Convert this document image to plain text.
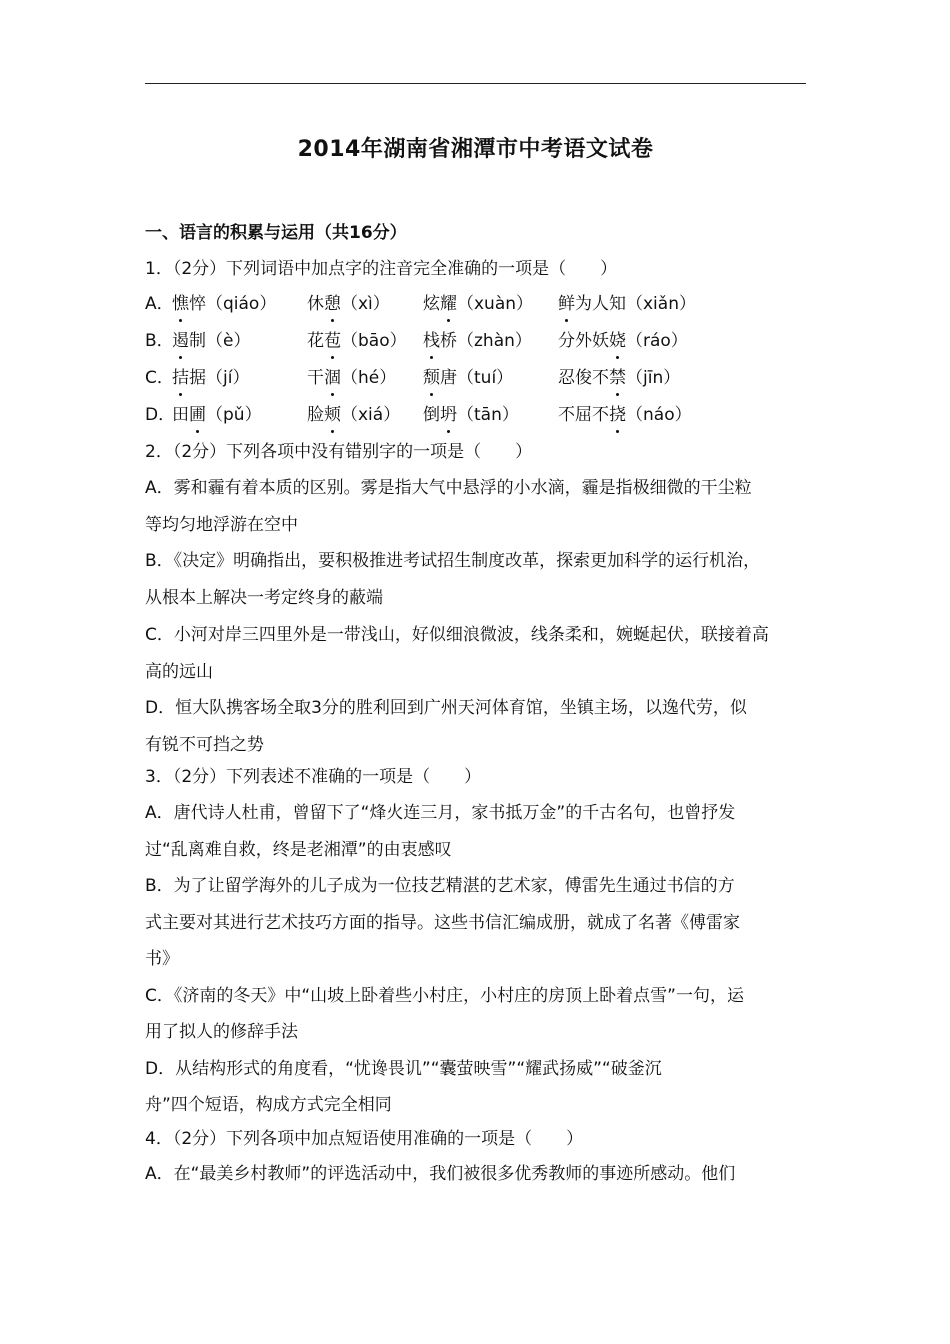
2014年湖南省湘潭市中考语文试卷
一、语言的积累与运用（共16分）
1．（2分）下列词语中加点字的注音完全准确的一项是（　　）
A．
憔悴（qiáo） 休憩（xì） 炫耀（xuàn） 鲜为人知（xiǎn）
B．
遏制（è）	花苞（bāo） 栈桥（zhàn） 分外妖娆（ráo）
C．
拮据（jí）	干涸（hé） 颓唐（tuí）	忍俊不禁（jīn）
D．
田圃（pǔ）	脸颊（xiá） 倒坍（tān） 不屈不挠（náo）
2．（2分）下列各项中没有错别字的一项是（　　）
A．雾和霾有着本质的区别。雾是指大气中悬浮的小水滴，霾是指极细微的干尘粒
等均匀地浮游在空中
B．《决定》明确指出，要积极推进考试招生制度改革，探索更加科学的运行机治，
从根本上解决一考定终身的蔽端
C．小河对岸三四里外是一带浅山，好似细浪微波，线条柔和，婉蜒起伏，联接着高
高的远山
D．恒大队携客场全取3分的胜利回到广州天河体育馆，坐镇主场，以逸代劳，似
有锐不可挡之势
3．（2分）下列表述不准确的一项是（　　）
A．唐代诗人杜甫，曾留下了“烽火连三月，家书抵万金”的千古名句，也曾抒发
过“乱离难自救，终是老湘潭”的由衷感叹
B．为了让留学海外的儿子成为一位技艺精湛的艺术家，傅雷先生通过书信的方
式主要对其进行艺术技巧方面的指导。这些书信汇编成册，就成了名著《傅雷家
书》
C．《济南的冬天》中“山坡上卧着些小村庄，小村庄的房顶上卧着点雪”一句，运
用了拟人的修辞手法
D．从结构形式的角度看，“忧谗畏讥”“囊萤映雪”“耀武扬威”“破釜沉
舟”四个短语，构成方式完全相同
4．（2分）下列各项中加点短语使用准确的一项是（　　）
A．在“最美乡村教师”的评选活动中，我们被很多优秀教师的事迹所感动。他们
